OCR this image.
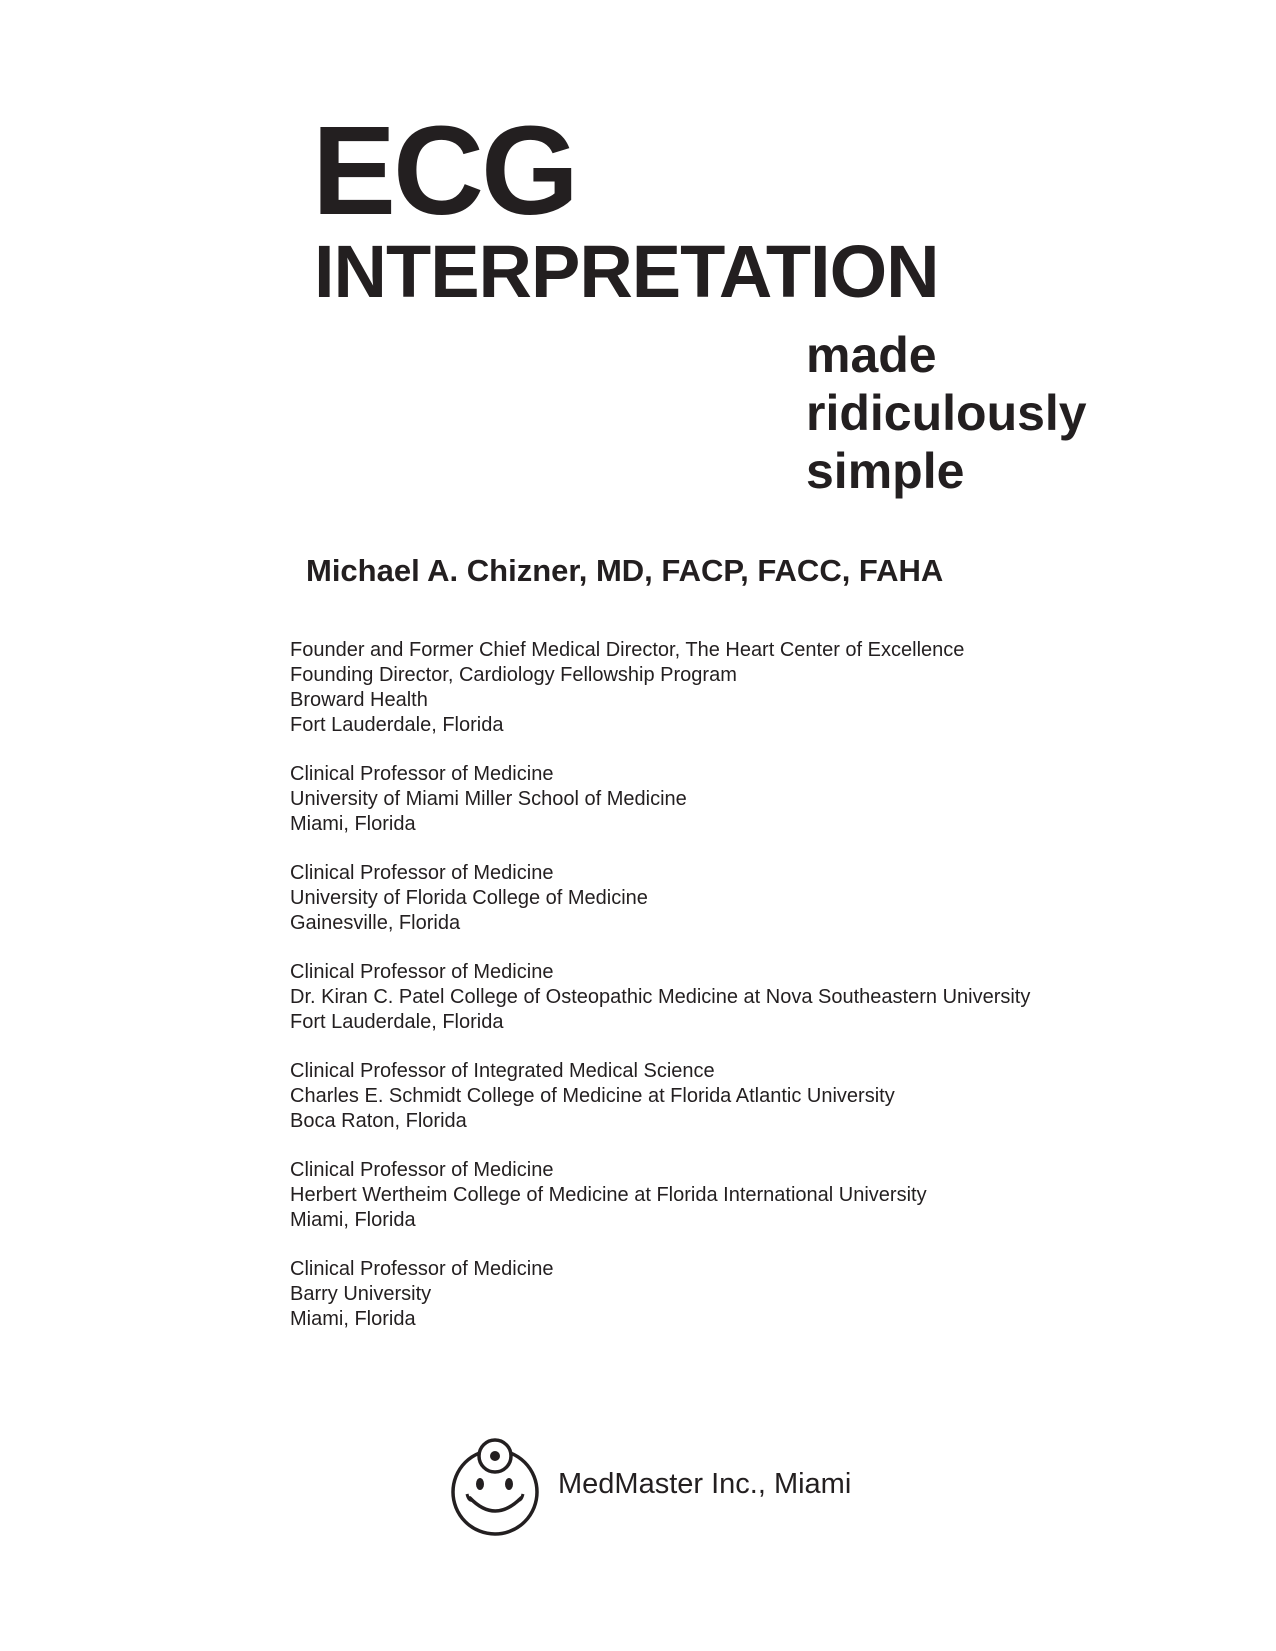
ECG
INTERPRETATION
made
ridiculously
simple
Michael A. Chizner, MD, FACP, FACC, FAHA
Founder and Former Chief Medical Director, The Heart Center of Excellence
Founding Director, Cardiology Fellowship Program
Broward Health
Fort Lauderdale, Florida
Clinical Professor of Medicine
University of Miami Miller School of Medicine
Miami, Florida
Clinical Professor of Medicine
University of Florida College of Medicine
Gainesville, Florida
Clinical Professor of Medicine
Dr. Kiran C. Patel College of Osteopathic Medicine at Nova Southeastern University
Fort Lauderdale, Florida
Clinical Professor of Integrated Medical Science
Charles E. Schmidt College of Medicine at Florida Atlantic University
Boca Raton, Florida
Clinical Professor of Medicine
Herbert Wertheim College of Medicine at Florida International University
Miami, Florida
Clinical Professor of Medicine
Barry University
Miami, Florida
MedMaster Inc., Miami
